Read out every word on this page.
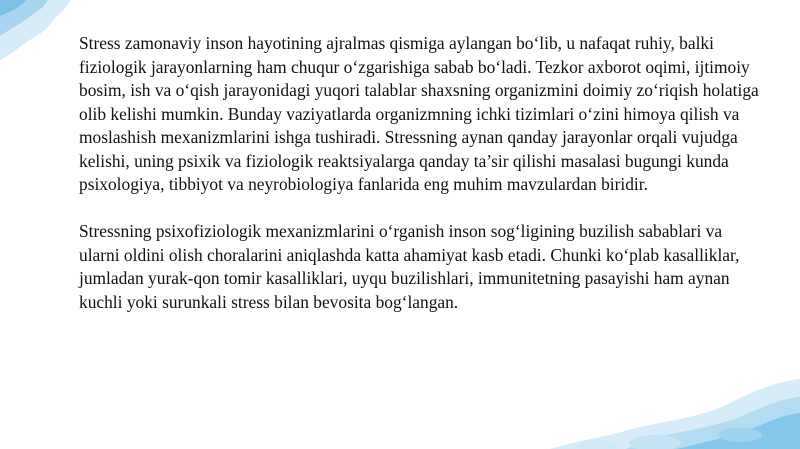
Stress zamonaviy inson hayotining ajralmas qismiga aylangan bo‘lib, u nafaqat ruhiy, balki fiziologik jarayonlarning ham chuqur o‘zgarishiga sabab bo‘ladi. Tezkor axborot oqimi, ijtimoiy bosim, ish va o‘qish jarayonidagi yuqori talablar shaxsning organizmini doimiy zo‘riqish holatiga olib kelishi mumkin. Bunday vaziyatlarda organizmning ichki tizimlari o‘zini himoya qilish va moslashish mexanizmlarini ishga tushiradi. Stressning aynan qanday jarayonlar orqali vujudga kelishi, uning psixik va fiziologik reaktsiyalarga qanday ta’sir qilishi masalasi bugungi kunda psixologiya, tibbiyot va neyrobiologiya fanlarida eng muhim mavzulardan biridir.

Stressning psixofiziologik mexanizmlarini o‘rganish inson sog‘ligining buzilish sabablari va ularni oldini olish choralarini aniqlashda katta ahamiyat kasb etadi. Chunki ko‘plab kasalliklar, jumladan yurak-qon tomir kasalliklari, uyqu buzilishlari, immunitetning pasayishi ham aynan kuchli yoki surunkali stress bilan bevosita bog‘langan.
